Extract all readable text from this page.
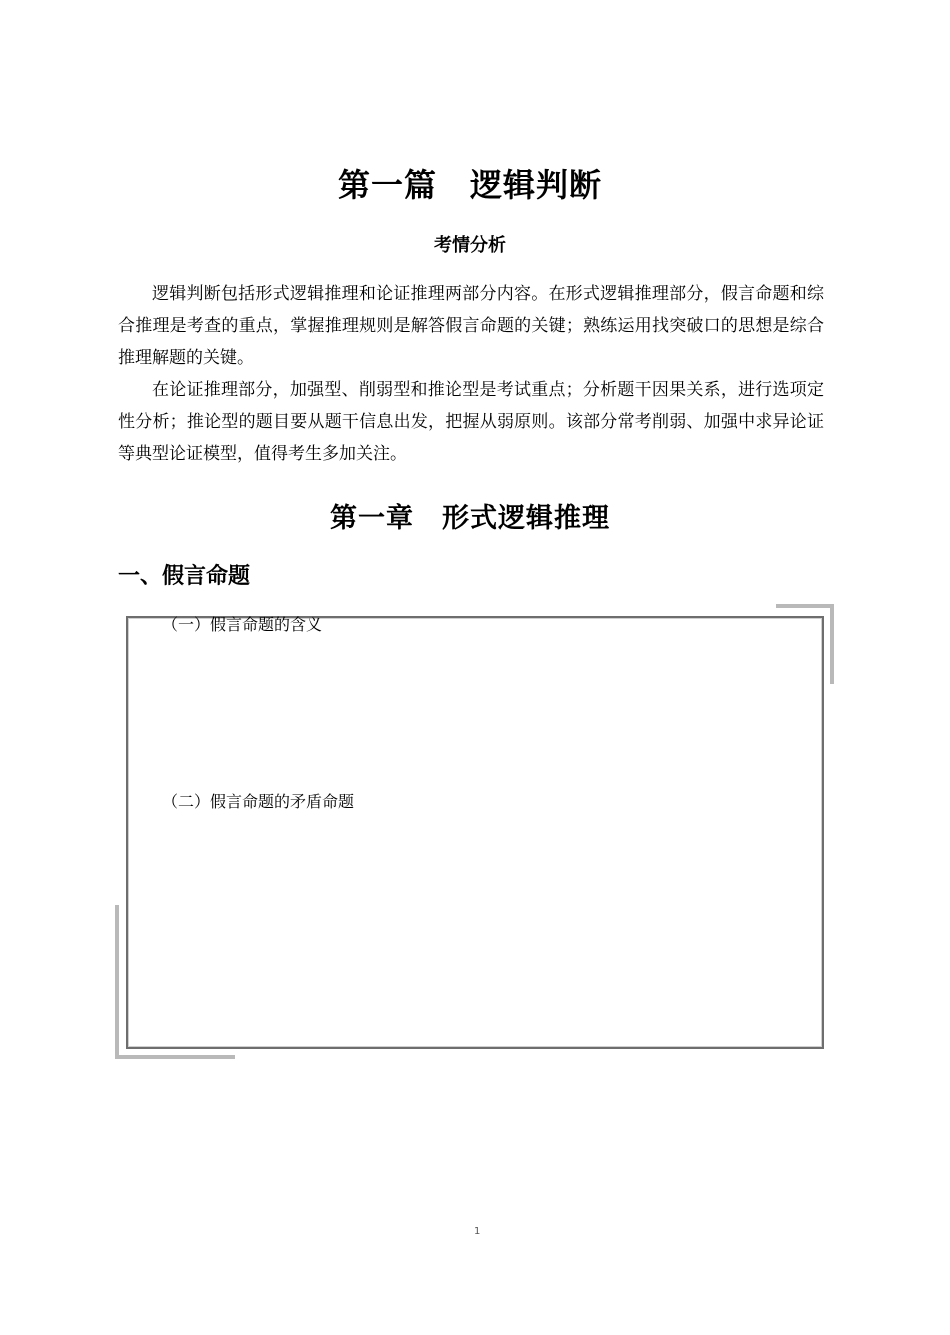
第一篇　逻辑判断
考情分析

逻辑判断包括形式逻辑推理和论证推理两部分内容。在形式逻辑推理部分，假言命题和综合推理是考查的重点，掌握推理规则是解答假言命题的关键；熟练运用找突破口的思想是综合推理解题的关键。

在论证推理部分，加强型、削弱型和推论型是考试重点；分析题干因果关系，进行选项定性分析；推论型的题目要从题干信息出发，把握从弱原则。该部分常考削弱、加强中求异论证等典型论证模型，值得考生多加关注。

第一章　形式逻辑推理
一、假言命题
（一）假言命题的含义
（二）假言命题的矛盾命题
1
